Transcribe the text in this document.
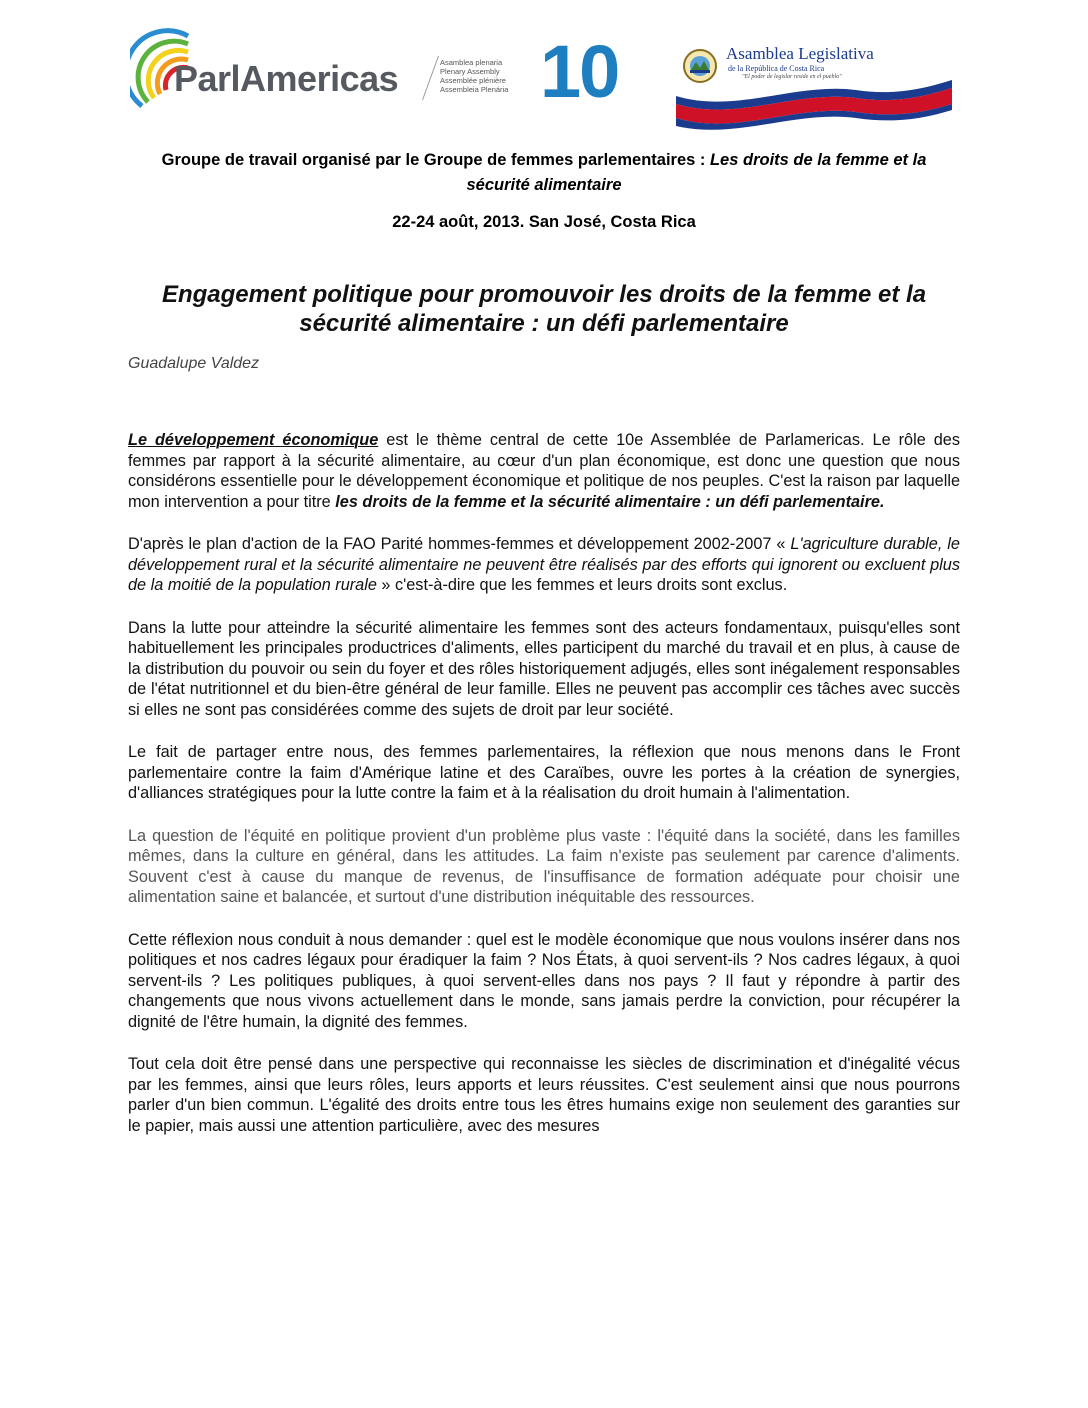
ParlAmericas	Asamblea plenaria
Plenary Assembly
Assemblée plénière
Assembleia Plenária 10	Asamblea Legislativa
de la República de Costa Rica
"El poder de legislar reside en el pueblo"
Groupe de travail organisé par le Groupe de femmes parlementaires : Les droits de la femme et la sécurité alimentaire
22-24 août, 2013. San José, Costa Rica
Engagement politique pour promouvoir les droits de la femme et la sécurité alimentaire : un défi parlementaire
Guadalupe Valdez

Le développement économique est le thème central de cette 10e Assemblée de Parlamericas. Le rôle des femmes par rapport à la sécurité alimentaire, au cœur d'un plan économique, est donc une question que nous considérons essentielle pour le développement économique et politique de nos peuples. C'est la raison par laquelle mon intervention a pour titre les droits de la femme et la sécurité alimentaire : un défi parlementaire.

D'après le plan d'action de la FAO Parité hommes-femmes et développement 2002-2007 « L'agriculture durable, le développement rural et la sécurité alimentaire ne peuvent être réalisés par des efforts qui ignorent ou excluent plus de la moitié de la population rurale » c'est-à-dire que les femmes et leurs droits sont exclus.

Dans la lutte pour atteindre la sécurité alimentaire les femmes sont des acteurs fondamentaux, puisqu'elles sont habituellement les principales productrices d'aliments, elles participent du marché du travail et en plus, à cause de la distribution du pouvoir ou sein du foyer et des rôles historiquement adjugés, elles sont inégalement responsables de l'état nutritionnel et du bien-être général de leur famille. Elles ne peuvent pas accomplir ces tâches avec succès si elles ne sont pas considérées comme des sujets de droit par leur société.

Le fait de partager entre nous, des femmes parlementaires, la réflexion que nous menons dans le Front parlementaire contre la faim d'Amérique latine et des Caraïbes, ouvre les portes à la création de synergies, d'alliances stratégiques pour la lutte contre la faim et à la réalisation du droit humain à l'alimentation.

La question de l'équité en politique provient d'un problème plus vaste : l'équité dans la société, dans les familles mêmes, dans la culture en général, dans les attitudes. La faim n'existe pas seulement par carence d'aliments. Souvent c'est à cause du manque de revenus, de l'insuffisance de formation adéquate pour choisir une alimentation saine et balancée, et surtout d'une distribution inéquitable des ressources.

Cette réflexion nous conduit à nous demander : quel est le modèle économique que nous voulons insérer dans nos politiques et nos cadres légaux pour éradiquer la faim ? Nos États, à quoi servent-ils ? Nos cadres légaux, à quoi servent-ils ? Les politiques publiques, à quoi servent-elles dans nos pays ? Il faut y répondre à partir des changements que nous vivons actuellement dans le monde, sans jamais perdre la conviction, pour récupérer la dignité de l'être humain, la dignité des femmes.

Tout cela doit être pensé dans une perspective qui reconnaisse les siècles de discrimination et d'inégalité vécus par les femmes, ainsi que leurs rôles, leurs apports et leurs réussites. C'est seulement ainsi que nous pourrons parler d'un bien commun. L'égalité des droits entre tous les êtres humains exige non seulement des garanties sur le papier, mais aussi une attention particulière, avec des mesures
